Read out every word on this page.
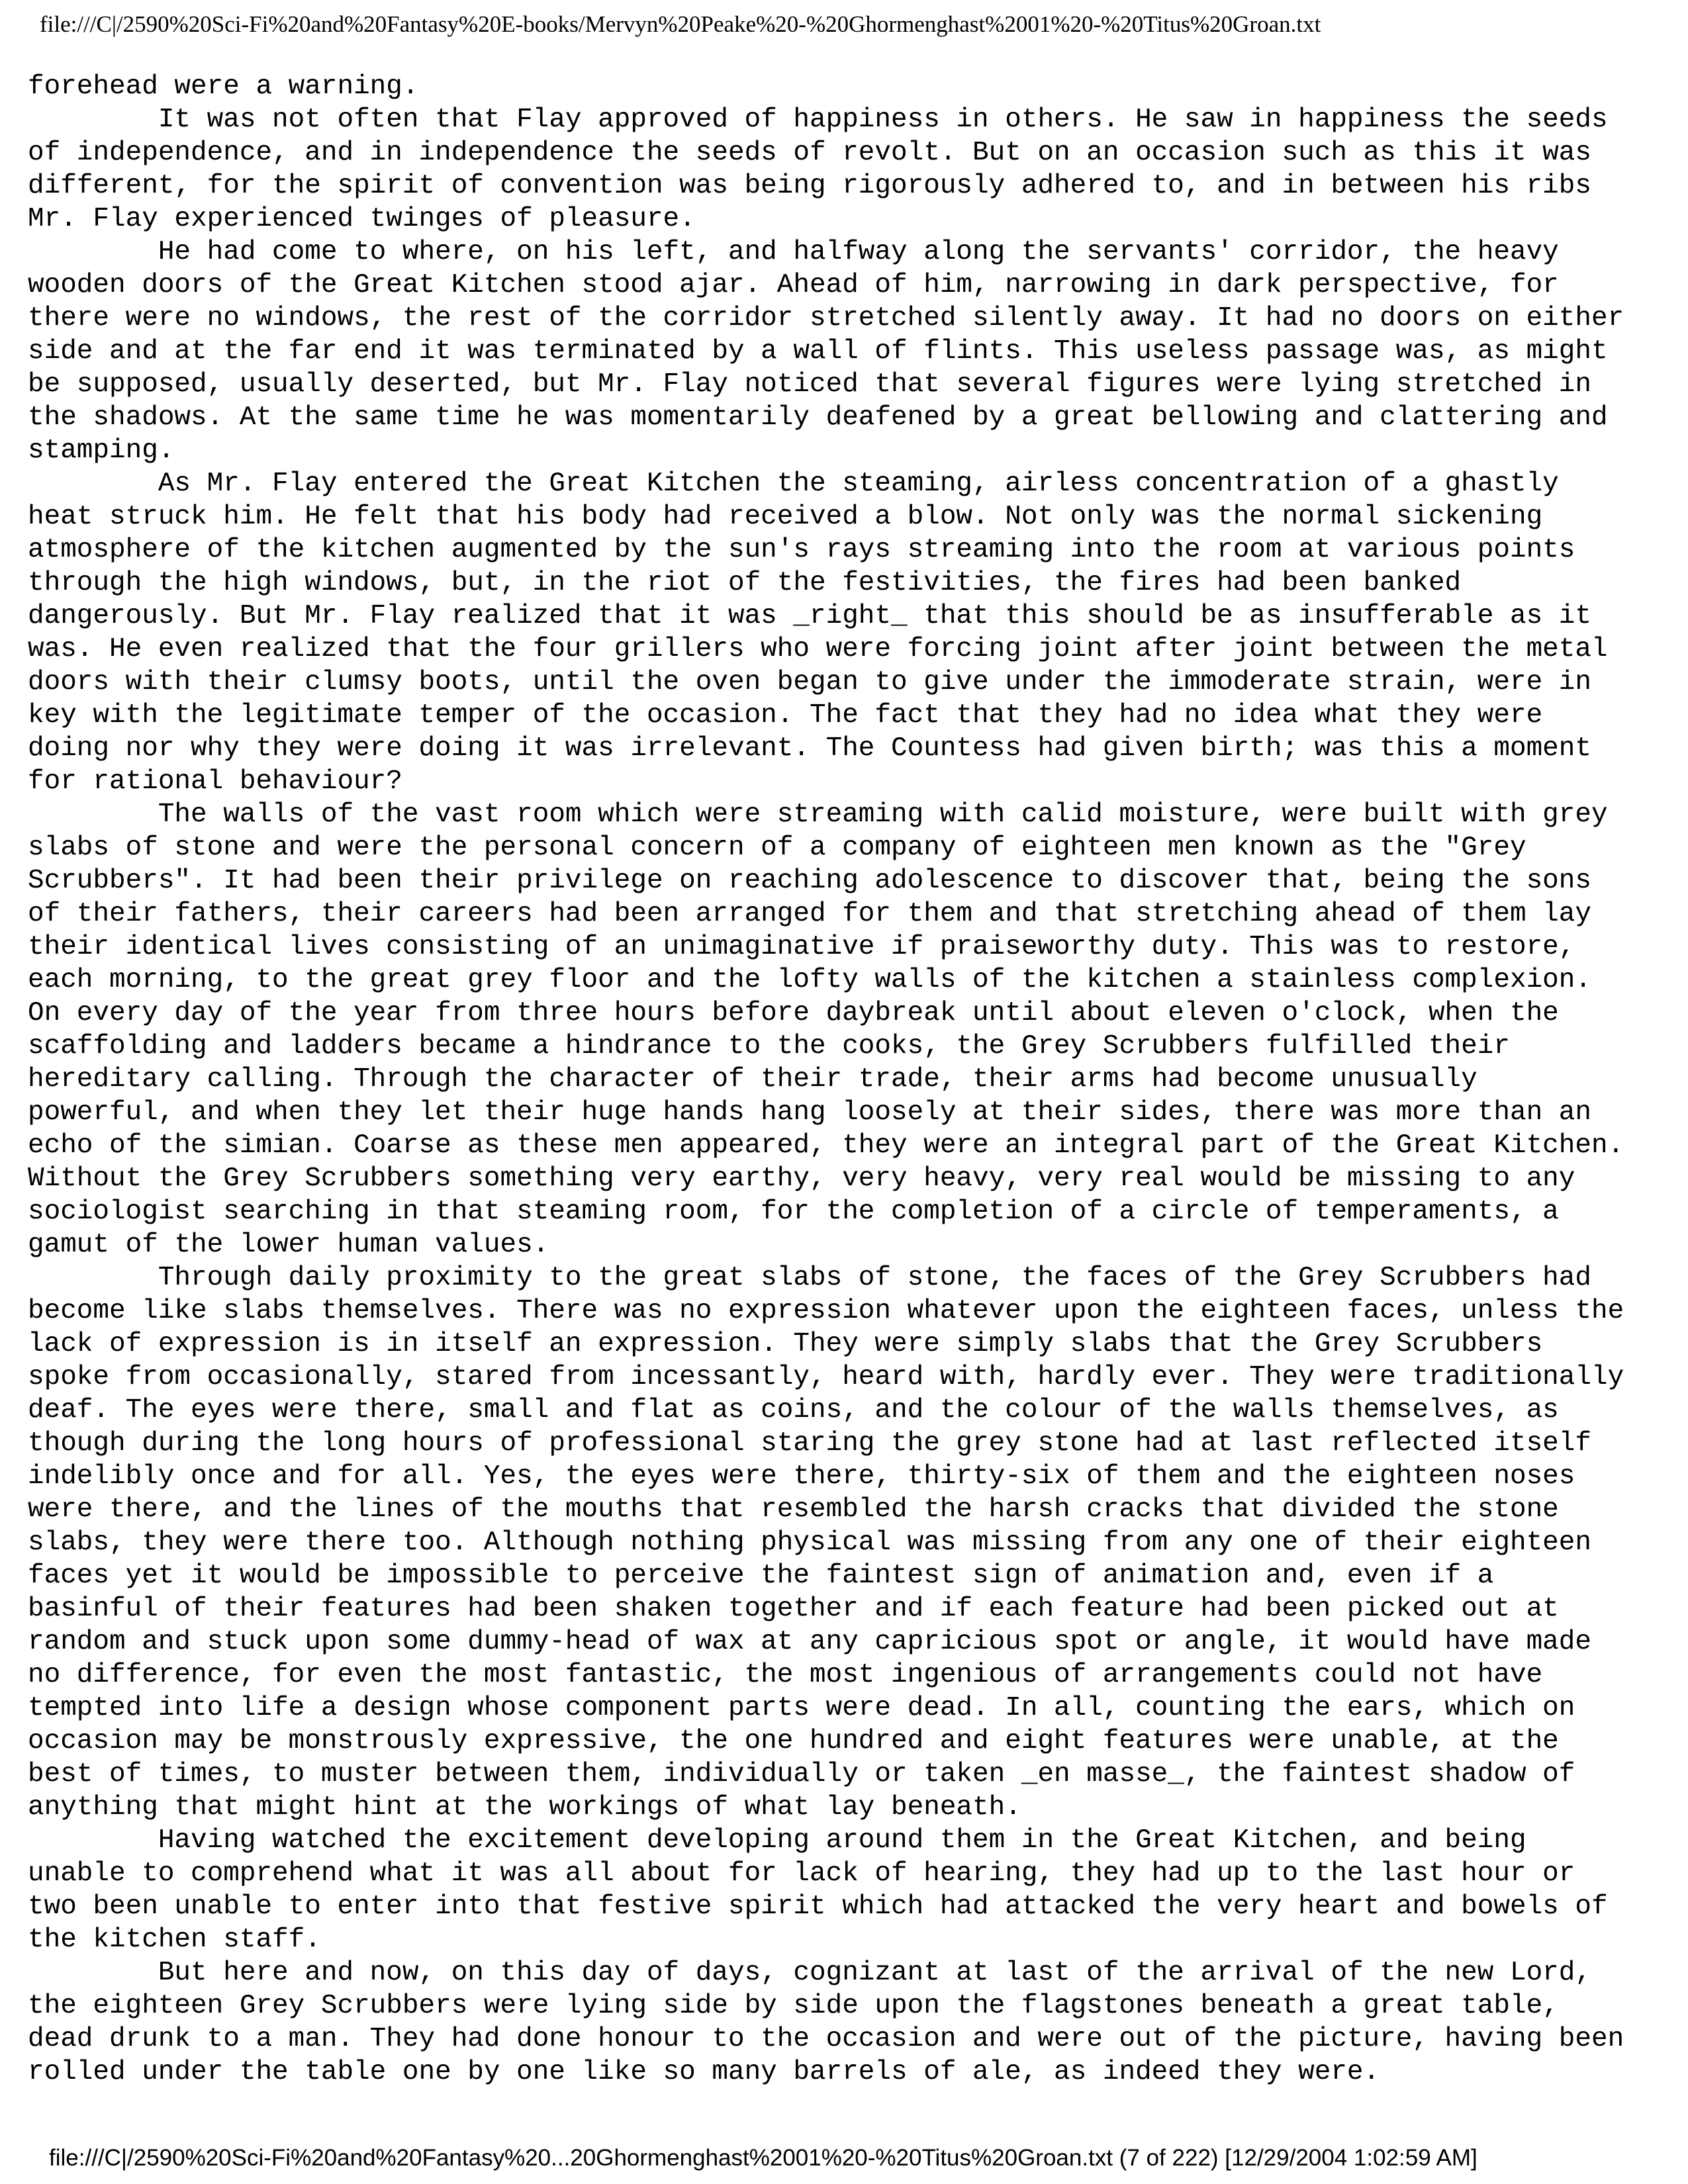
file:///C|/2590%20Sci-Fi%20and%20Fantasy%20E-books/Mervyn%20Peake%20-%20Ghormenghast%2001%20-%20Titus%20Groan.txt
forehead were a warning.
It was not often that Flay approved of happiness in others. He saw in happiness the seeds
of independence, and in independence the seeds of revolt. But on an occasion such as this it was
different, for the spirit of convention was being rigorously adhered to, and in between his ribs
Mr. Flay experienced twinges of pleasure.
He had come to where, on his left, and halfway along the servants' corridor, the heavy
wooden doors of the Great Kitchen stood ajar. Ahead of him, narrowing in dark perspective, for
there were no windows, the rest of the corridor stretched silently away. It had no doors on either
side and at the far end it was terminated by a wall of flints. This useless passage was, as might
be supposed, usually deserted, but Mr. Flay noticed that several figures were lying stretched in
the shadows. At the same time he was momentarily deafened by a great bellowing and clattering and
stamping.
As Mr. Flay entered the Great Kitchen the steaming, airless concentration of a ghastly
heat struck him. He felt that his body had received a blow. Not only was the normal sickening
atmosphere of the kitchen augmented by the sun's rays streaming into the room at various points
through the high windows, but, in the riot of the festivities, the fires had been banked
dangerously. But Mr. Flay realized that it was _right_ that this should be as insufferable as it
was. He even realized that the four grillers who were forcing joint after joint between the metal
doors with their clumsy boots, until the oven began to give under the immoderate strain, were in
key with the legitimate temper of the occasion. The fact that they had no idea what they were
doing nor why they were doing it was irrelevant. The Countess had given birth; was this a moment
for rational behaviour?
The walls of the vast room which were streaming with calid moisture, were built with grey
slabs of stone and were the personal concern of a company of eighteen men known as the "Grey
Scrubbers". It had been their privilege on reaching adolescence to discover that, being the sons
of their fathers, their careers had been arranged for them and that stretching ahead of them lay
their identical lives consisting of an unimaginative if praiseworthy duty. This was to restore,
each morning, to the great grey floor and the lofty walls of the kitchen a stainless complexion.
On every day of the year from three hours before daybreak until about eleven o'clock, when the
scaffolding and ladders became a hindrance to the cooks, the Grey Scrubbers fulfilled their
hereditary calling. Through the character of their trade, their arms had become unusually
powerful, and when they let their huge hands hang loosely at their sides, there was more than an
echo of the simian. Coarse as these men appeared, they were an integral part of the Great Kitchen.
Without the Grey Scrubbers something very earthy, very heavy, very real would be missing to any
sociologist searching in that steaming room, for the completion of a circle of temperaments, a
gamut of the lower human values.
Through daily proximity to the great slabs of stone, the faces of the Grey Scrubbers had
become like slabs themselves. There was no expression whatever upon the eighteen faces, unless the
lack of expression is in itself an expression. They were simply slabs that the Grey Scrubbers
spoke from occasionally, stared from incessantly, heard with, hardly ever. They were traditionally
deaf. The eyes were there, small and flat as coins, and the colour of the walls themselves, as
though during the long hours of professional staring the grey stone had at last reflected itself
indelibly once and for all. Yes, the eyes were there, thirty-six of them and the eighteen noses
were there, and the lines of the mouths that resembled the harsh cracks that divided the stone
slabs, they were there too. Although nothing physical was missing from any one of their eighteen
faces yet it would be impossible to perceive the faintest sign of animation and, even if a
basinful of their features had been shaken together and if each feature had been picked out at
random and stuck upon some dummy-head of wax at any capricious spot or angle, it would have made
no difference, for even the most fantastic, the most ingenious of arrangements could not have
tempted into life a design whose component parts were dead. In all, counting the ears, which on
occasion may be monstrously expressive, the one hundred and eight features were unable, at the
best of times, to muster between them, individually or taken _en masse_, the faintest shadow of
anything that might hint at the workings of what lay beneath.
Having watched the excitement developing around them in the Great Kitchen, and being
unable to comprehend what it was all about for lack of hearing, they had up to the last hour or
two been unable to enter into that festive spirit which had attacked the very heart and bowels of
the kitchen staff.
But here and now, on this day of days, cognizant at last of the arrival of the new Lord,
the eighteen Grey Scrubbers were lying side by side upon the flagstones beneath a great table,
dead drunk to a man. They had done honour to the occasion and were out of the picture, having been
rolled under the table one by one like so many barrels of ale, as indeed they were.
file:///C|/2590%20Sci-Fi%20and%20Fantasy%20...20Ghormenghast%2001%20-%20Titus%20Groan.txt (7 of 222) [12/29/2004 1:02:59 AM]
